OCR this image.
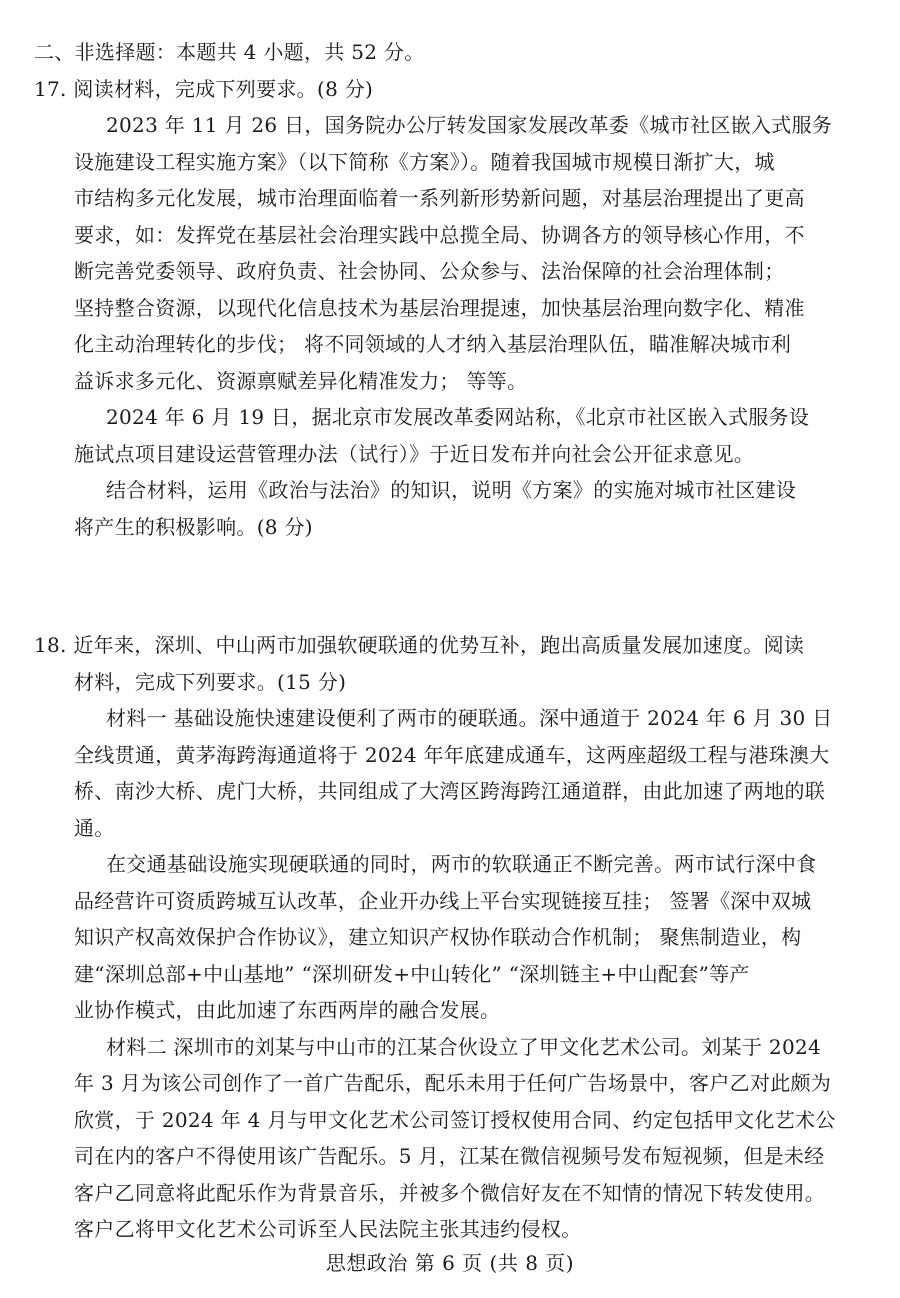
二、非选择题：本题共 4 小题，共 52 分。
17. 阅读材料，完成下列要求。(8 分)
2023 年 11 月 26 日，国务院办公厅转发国家发展改革委《城市社区嵌入式服务
设施建设工程实施方案》（以下简称《方案》）。随着我国城市规模日渐扩大，城
市结构多元化发展，城市治理面临着一系列新形势新问题，对基层治理提出了更高
要求，如：发挥党在基层社会治理实践中总揽全局、协调各方的领导核心作用，不
断完善党委领导、政府负责、社会协同、公众参与、法治保障的社会治理体制；
坚持整合资源，以现代化信息技术为基层治理提速，加快基层治理向数字化、精准
化主动治理转化的步伐； 将不同领域的人才纳入基层治理队伍，瞄准解决城市利
益诉求多元化、资源禀赋差异化精准发力； 等等。
2024 年 6 月 19 日，据北京市发展改革委网站称，《北京市社区嵌入式服务设
施试点项目建设运营管理办法（试行）》于近日发布并向社会公开征求意见。
结合材料，运用《政治与法治》的知识，说明《方案》的实施对城市社区建设
将产生的积极影响。(8 分)
18. 近年来，深圳、中山两市加强软硬联通的优势互补，跑出高质量发展加速度。阅读
材料，完成下列要求。(15 分)
材料一 基础设施快速建设便利了两市的硬联通。深中通道于 2024 年 6 月 30 日
全线贯通，黄茅海跨海通道将于 2024 年年底建成通车，这两座超级工程与港珠澳大
桥、南沙大桥、虎门大桥，共同组成了大湾区跨海跨江通道群，由此加速了两地的联
通。
在交通基础设施实现硬联通的同时，两市的软联通正不断完善。两市试行深中食
品经营许可资质跨城互认改革，企业开办线上平台实现链接互挂； 签署《深中双城
知识产权高效保护合作协议》，建立知识产权协作联动合作机制； 聚焦制造业，构
建“深圳总部+中山基地” “深圳研发+中山转化” “深圳链主+中山配套”等产
业协作模式，由此加速了东西两岸的融合发展。
材料二 深圳市的刘某与中山市的江某合伙设立了甲文化艺术公司。刘某于 2024
年 3 月为该公司创作了一首广告配乐，配乐未用于任何广告场景中，客户乙对此颇为
欣赏，于 2024 年 4 月与甲文化艺术公司签订授权使用合同、约定包括甲文化艺术公
司在内的客户不得使用该广告配乐。5 月，江某在微信视频号发布短视频，但是未经
客户乙同意将此配乐作为背景音乐，并被多个微信好友在不知情的情况下转发使用。
客户乙将甲文化艺术公司诉至人民法院主张其违约侵权。
思想政治 第 6 页 (共 8 页)
